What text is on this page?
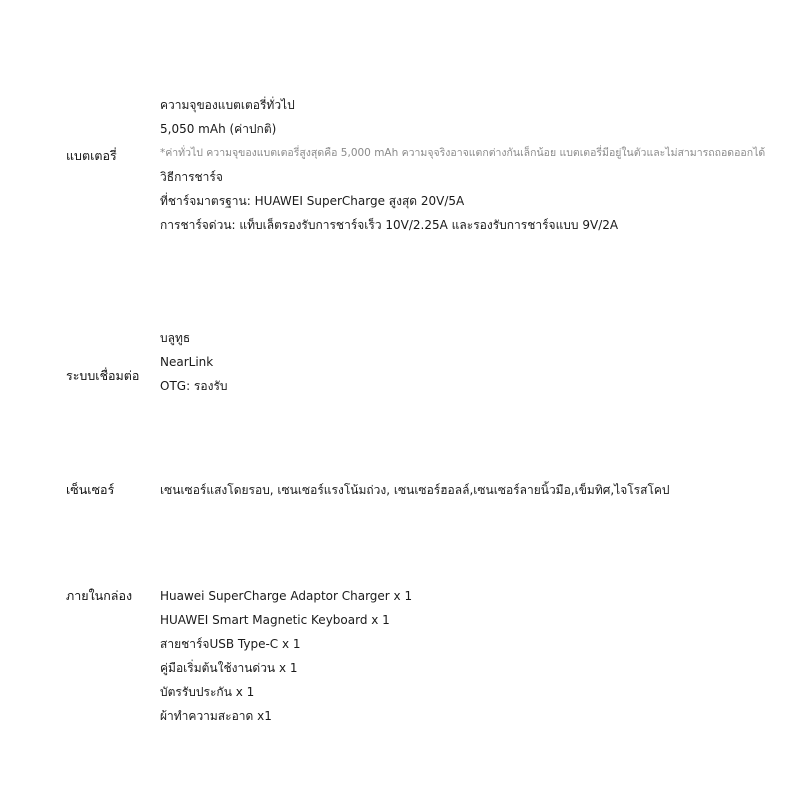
แบตเตอรี่
ความจุของแบตเตอรี่ทั่วไป
5,050 mAh (ค่าปกติ)
*ค่าทั่วไป ความจุของแบตเตอรี่สูงสุดคือ 5,000 mAh ความจุจริงอาจแตกต่างกันเล็กน้อย แบตเตอรี่มีอยู่ในตัวและไม่สามารถถอดออกได้
วิธีการชาร์จ
ที่ชาร์จมาตรฐาน: HUAWEI SuperCharge สูงสุด 20V/5A
การชาร์จด่วน: แท็บเล็ตรองรับการชาร์จเร็ว 10V/2.25A และรองรับการชาร์จแบบ 9V/2A
ระบบเชื่อมต่อ
บลูทูธ
NearLink
OTG: รองรับ
เซ็นเซอร์	เซนเซอร์แสงโดยรอบ, เซนเซอร์แรงโน้มถ่วง, เซนเซอร์ฮอลล์,เซนเซอร์ลายนิ้วมือ,เข็มทิศ,ไจโรสโคป
ภายในกล่อง	Huawei SuperCharge Adaptor Charger x 1
HUAWEI Smart Magnetic Keyboard x 1
สายชาร์จUSB Type-C x 1
คู่มือเริ่มต้นใช้งานด่วน x 1
บัตรรับประกัน x 1
ผ้าทำความสะอาด x1
